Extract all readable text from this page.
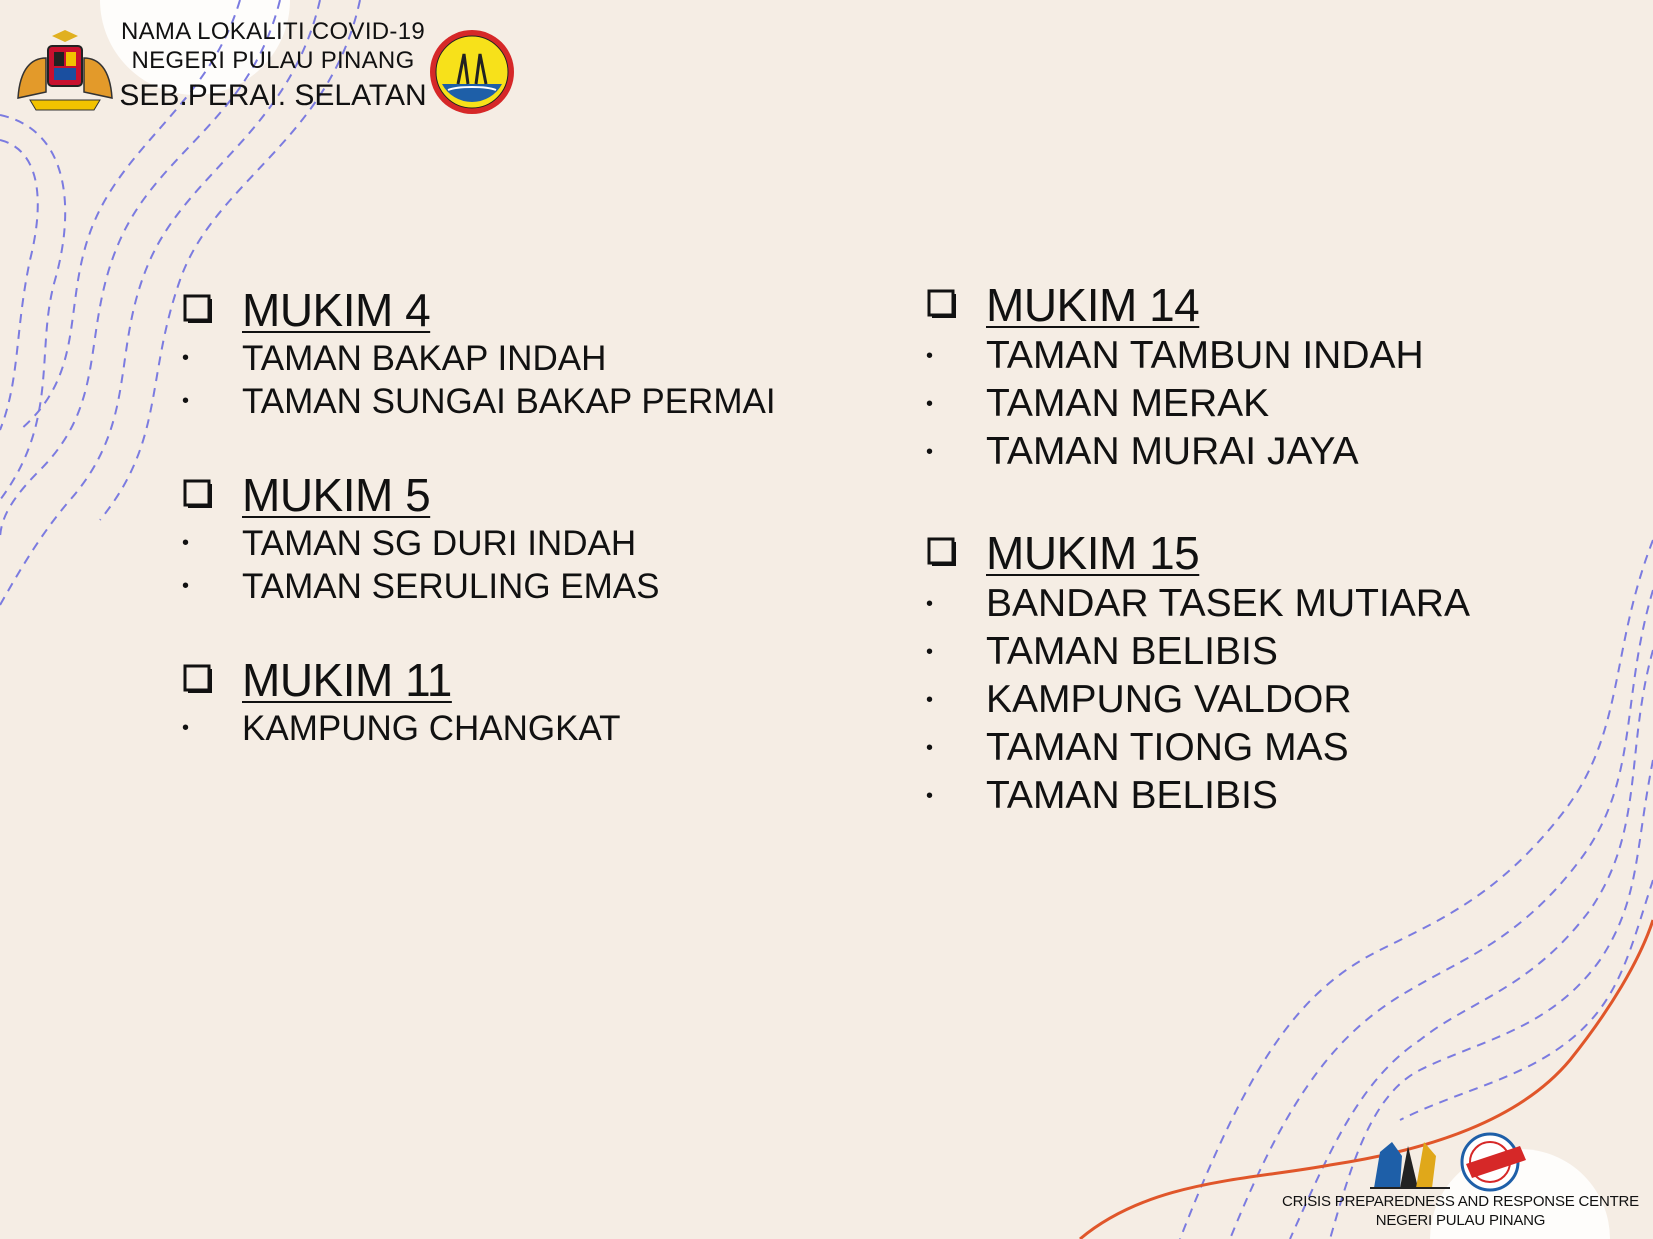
NAMA LOKALITI COVID-19
NEGERI PULAU PINANG
SEB.PERAI. SELATAN
MUKIM 4
•	TAMAN BAKAP INDAH
•	TAMAN SUNGAI BAKAP PERMAI
MUKIM 5
•	TAMAN SG DURI INDAH
•	TAMAN SERULING EMAS
MUKIM 11
•	KAMPUNG CHANGKAT
MUKIM 14
•	TAMAN TAMBUN INDAH
•	TAMAN MERAK
•	TAMAN MURAI JAYA
MUKIM 15
•	BANDAR TASEK MUTIARA
•	TAMAN BELIBIS
•	KAMPUNG VALDOR
•	TAMAN TIONG MAS
•	TAMAN BELIBIS
CRISIS PREPAREDNESS AND RESPONSE CENTRE
NEGERI PULAU PINANG
